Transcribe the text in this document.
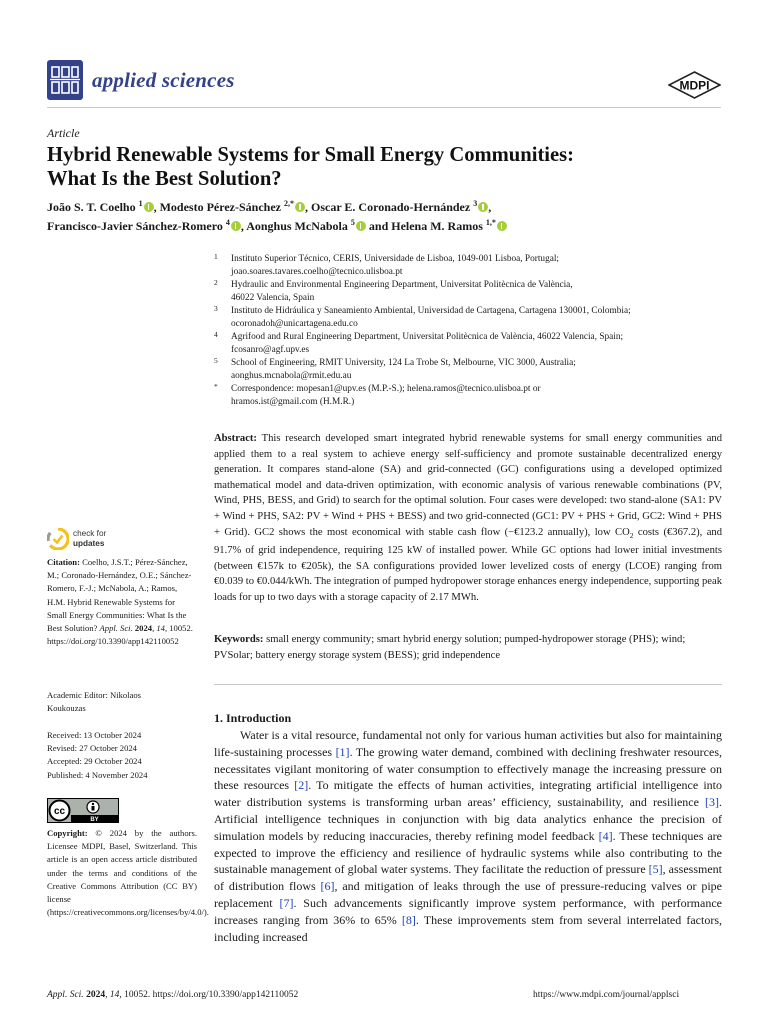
applied sciences	MDPI
Article
Hybrid Renewable Systems for Small Energy Communities:
What Is the Best Solution?
João S. T. Coelho $^1$ , Modesto Pérez-Sánchez $^{2,*}$ , Oscar E. Coronado-Hernández $^3$ ,
Francisco-Javier Sánchez-Romero $^4$ , Aonghus McNabola $^5$ and Helena M. Ramos $^{1,*}$
1 Instituto Superior Técnico, CERIS, Universidade de Lisboa, 1049-001 Lisboa, Portugal;
joao.soares.tavares.coelho@tecnico.ulisboa.pt
2 Hydraulic and Environmental Engineering Department, Universitat Politècnica de València,
46022 Valencia, Spain
3 Instituto de Hidráulica y Saneamiento Ambiental, Universidad de Cartagena, Cartagena 130001, Colombia;
ocoronadoh@unicartagena.edu.co
4 Agrifood and Rural Engineering Department, Universitat Politècnica de València, 46022 Valencia, Spain;
fcosanro@agf.upv.es
5 School of Engineering, RMIT University, 124 La Trobe St, Melbourne, VIC 3000, Australia;
aonghus.mcnabola@rmit.edu.au
* Correspondence: mopesan1@upv.es (M.P.-S.); helena.ramos@tecnico.ulisboa.pt or
hramos.ist@gmail.com (H.M.R.)
Abstract: This research developed smart integrated hybrid renewable systems for small energy communities and applied them to a real system to achieve energy self-sufficiency and promote sustainable decentralized energy generation. It compares stand-alone (SA) and grid-connected (GC) configurations using a developed optimized mathematical model and data-driven optimization, with economic analysis of various renewable combinations (PV, Wind, PHS, BESS, and Grid) to search for the optimal solution. Four cases were developed: two stand-alone (SA1: PV + Wind + PHS, SA2: PV + Wind + PHS + BESS) and two grid-connected (GC1: PV + PHS + Grid, GC2: Wind + PHS + Grid). GC2 shows the most economical with stable cash flow (−€123.2 annually), low $CO_2$ costs (€367.2), and 91.7% of grid independence, requiring 125 kW of installed power. While GC options had lower initial investments (between €157k to €205k), the SA configurations provided lower levelized costs of energy (LCOE) ranging from €0.039 to €0.044/kWh. The integration of pumped hydropower storage enhances energy independence, supporting peak loads for up to two days with a storage capacity of 2.17 MWh.
Keywords: small energy community; smart hybrid energy solution; pumped-hydropower storage (PHS); wind; PVSolar; battery energy storage system (BESS); grid independence
1. Introduction
Water is a vital resource, fundamental not only for various human activities but also for maintaining life-sustaining processes [1]. The growing water demand, combined with declining freshwater resources, necessitates vigilant monitoring of water consumption to effectively manage the increasing pressure on these resources [2]. To mitigate the effects of human activities, integrating artificial intelligence into water distribution systems is transforming urban areas’ efficiency, sustainability, and resilience [3]. Artificial intelligence techniques in conjunction with big data analytics enhance the precision of simulation models by reducing inaccuracies, thereby refining model feedback [4]. These techniques are expected to improve the efficiency and resilience of hydraulic systems while also contributing to the sustainable management of global water systems. They facilitate the reduction of pressure [5], assessment of distribution flows [6], and mitigation of leaks through the use of pressure-reducing valves or pipe replacement [7]. Such advancements significantly improve system performance, with performance increases ranging from 36% to 65% [8]. These improvements stem from several interrelated factors, including increased
check for
updates
Citation: Coelho, J.S.T.; Pérez-Sánchez, M.; Coronado-Hernández, O.E.; Sánchez-Romero, F.-J.; McNabola, A.; Ramos, H.M. Hybrid Renewable Systems for Small Energy Communities: What Is the Best Solution? Appl. Sci. 2024, 14, 10052. https://doi.org/10.3390/app142110052
Academic Editor: Nikolaos
Koukouzas
Received: 13 October 2024
Revised: 27 October 2024
Accepted: 29 October 2024
Published: 4 November 2024
cc
BY
Copyright: © 2024 by the authors. Licensee MDPI, Basel, Switzerland. This article is an open access article distributed under the terms and conditions of the Creative Commons Attribution (CC BY) license (https://creativecommons.org/licenses/by/4.0/).
Appl. Sci. 2024, 14, 10052. https://doi.org/10.3390/app142110052	https://www.mdpi.com/journal/applsci
